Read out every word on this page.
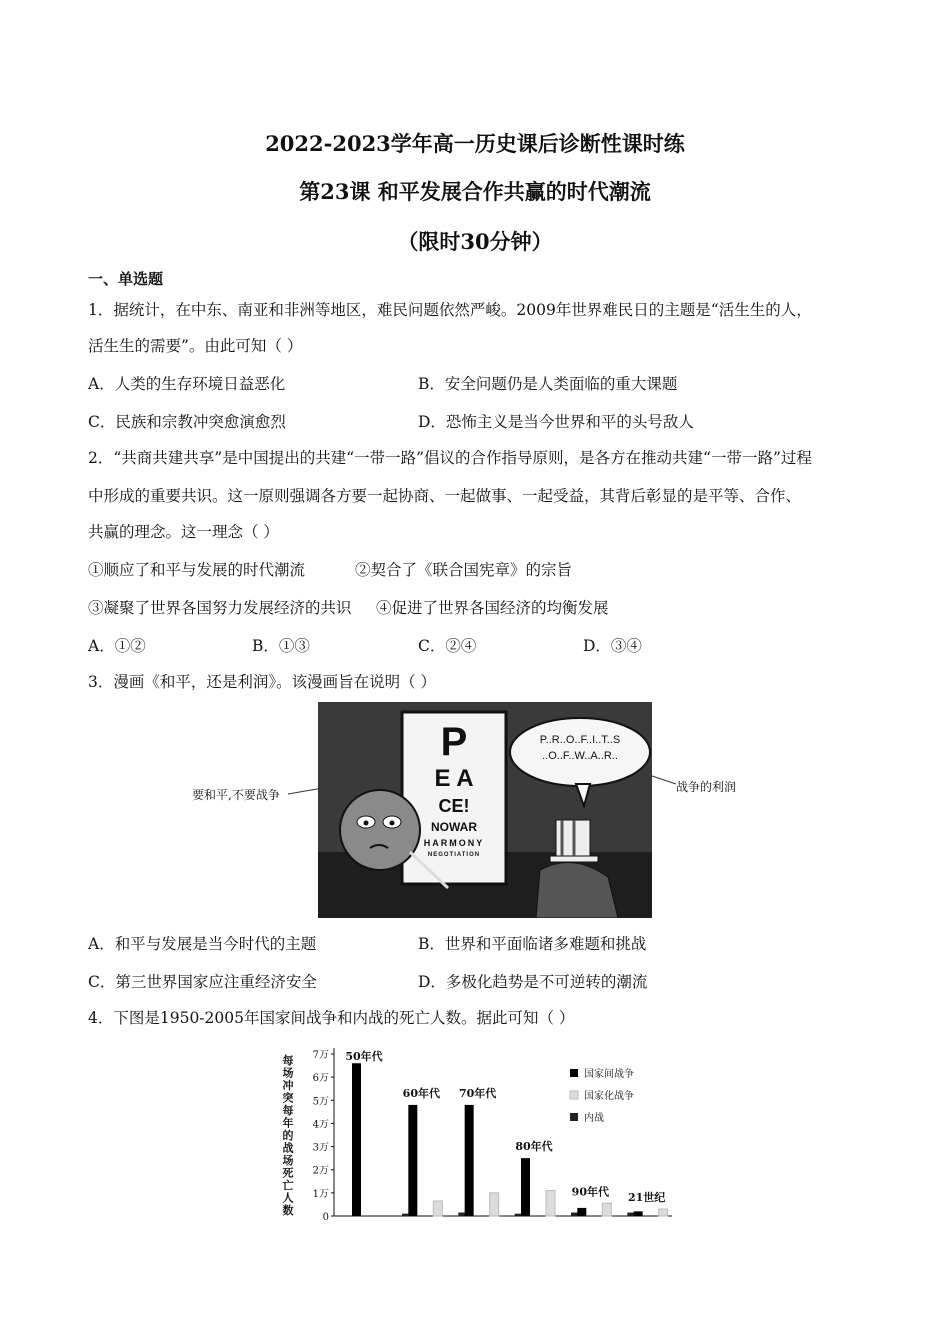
2022-2023学年高一历史课后诊断性课时练
第23课 和平发展合作共赢的时代潮流
（限时30分钟）
一、单选题
1．据统计，在中东、南亚和非洲等地区，难民问题依然严峻。2009年世界难民日的主题是“活生生的人，
活生生的需要”。由此可知（ ）
A．人类的生存环境日益恶化	B．安全问题仍是人类面临的重大课题
C．民族和宗教冲突愈演愈烈	D．恐怖主义是当今世界和平的头号敌人
2．“共商共建共享”是中国提出的共建“一带一路”倡议的合作指导原则，是各方在推动共建“一带一路”过程
中形成的重要共识。这一原则强调各方要一起协商、一起做事、一起受益，其背后彰显的是平等、合作、
共赢的理念。这一理念（ ）
①顺应了和平与发展的时代潮流	②契合了《联合国宪章》的宗旨
③凝聚了世界各国努力发展经济的共识 ④促进了世界各国经济的均衡发展
A．①②	B．①③	C．②④	D．③④
3．漫画《和平，还是利润》。该漫画旨在说明（ ）
要和平,不要战争
战争的利润
P
E A
CE!
NOWAR
HARMONY
NEGOTIATION
P..R..O..F..I..T..S
..O..F..W..A..R..
A．和平与发展是当今时代的主题	B．世界和平面临诸多难题和挑战
C．第三世界国家应注重经济安全	D．多极化趋势是不可逆转的潮流
4．下图是1950-2005年国家间战争和内战的死亡人数。据此可知（ ）
0
1万
2万
3万
4万
5万
6万
7万
每
场
冲
突
每
年
的
战
场
死
亡
人
数
50年代
60年代 70年代
80年代
90年代 21世纪
国家间战争
国家化战争
内战
